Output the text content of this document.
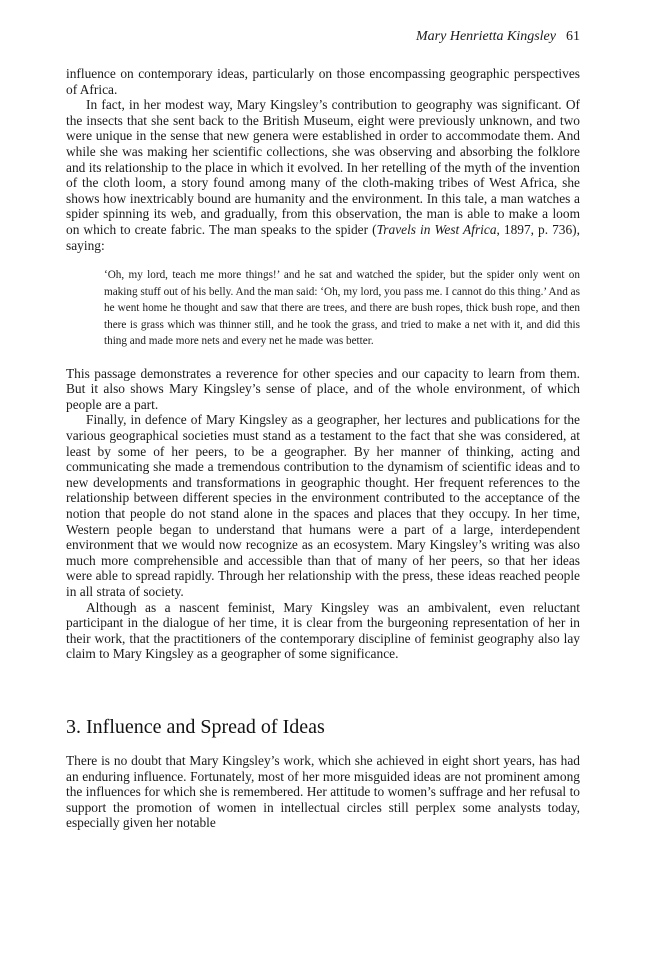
Mary Henrietta Kingsley 61

influence on contemporary ideas, particularly on those encompassing geographic perspectives of Africa.

In fact, in her modest way, Mary Kingsley’s contribution to geography was significant. Of the insects that she sent back to the British Museum, eight were previously unknown, and two were unique in the sense that new genera were established in order to accommodate them. And while she was making her scientific collections, she was observing and absorbing the folklore and its relationship to the place in which it evolved. In her retelling of the myth of the invention of the cloth loom, a story found among many of the cloth-making tribes of West Africa, she shows how inextricably bound are humanity and the environment. In this tale, a man watches a spider spinning its web, and gradually, from this observation, the man is able to make a loom on which to create fabric. The man speaks to the spider (Travels in West Africa, 1897, p. 736), saying:

‘Oh, my lord, teach me more things!’ and he sat and watched the spider, but the spider only went on making stuff out of his belly. And the man said: ‘Oh, my lord, you pass me. I cannot do this thing.’ And as he went home he thought and saw that there are trees, and there are bush ropes, thick bush rope, and then there is grass which was thinner still, and he took the grass, and tried to make a net with it, and did this thing and made more nets and every net he made was better.

This passage demonstrates a reverence for other species and our capacity to learn from them. But it also shows Mary Kingsley’s sense of place, and of the whole environment, of which people are a part.

Finally, in defence of Mary Kingsley as a geographer, her lectures and publications for the various geographical societies must stand as a testament to the fact that she was considered, at least by some of her peers, to be a geographer. By her manner of thinking, acting and communicating she made a tremendous contribution to the dynamism of scientific ideas and to new developments and transformations in geographic thought. Her frequent references to the relationship between different species in the environment contributed to the acceptance of the notion that people do not stand alone in the spaces and places that they occupy. In her time, Western people began to understand that humans were a part of a large, interdependent environment that we would now recognize as an ecosystem. Mary Kingsley’s writing was also much more comprehensible and accessible than that of many of her peers, so that her ideas were able to spread rapidly. Through her relationship with the press, these ideas reached people in all strata of society.

Although as a nascent feminist, Mary Kingsley was an ambivalent, even reluctant participant in the dialogue of her time, it is clear from the burgeoning representation of her in their work, that the practitioners of the contemporary discipline of feminist geography also lay claim to Mary Kingsley as a geographer of some significance.

3. Influence and Spread of Ideas

There is no doubt that Mary Kingsley’s work, which she achieved in eight short years, has had an enduring influence. Fortunately, most of her more misguided ideas are not prominent among the influences for which she is remembered. Her attitude to women’s suffrage and her refusal to support the promotion of women in intellectual circles still perplex some analysts today, especially given her notable
